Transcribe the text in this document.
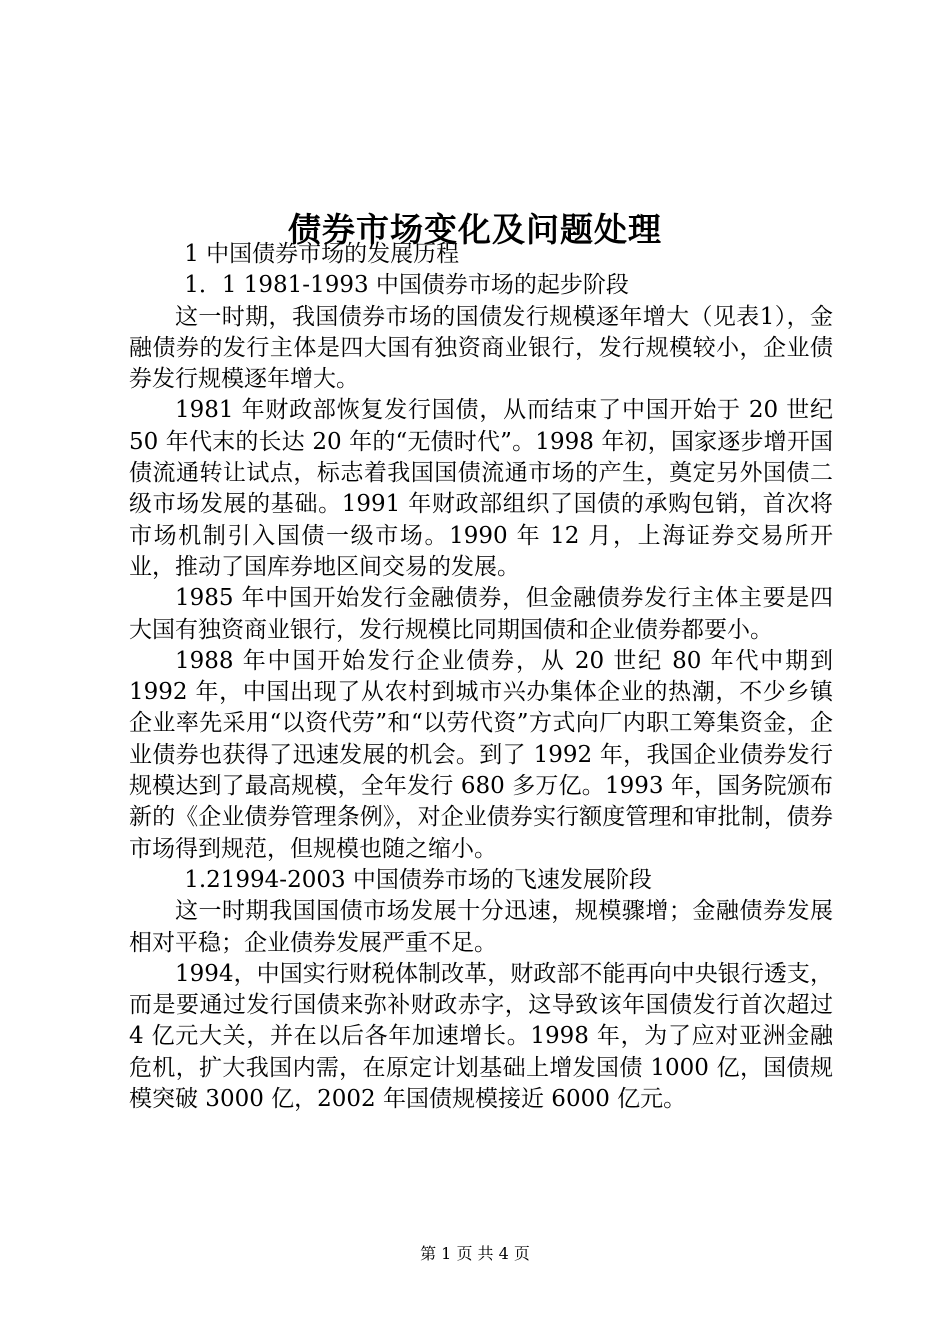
债券市场变化及问题处理

1 中国债券市场的发展历程

1．1 1981-1993 中国债券市场的起步阶段

这一时期，我国债券市场的国债发行规模逐年增大（见表1），金融债券的发行主体是四大国有独资商业银行，发行规模较小，企业债券发行规模逐年增大。

1981 年财政部恢复发行国债，从而结束了中国开始于 20 世纪 50 年代末的长达 20 年的“无债时代”。1998 年初，国家逐步增开国债流通转让试点，标志着我国国债流通市场的产生，奠定另外国债二级市场发展的基础。1991 年财政部组织了国债的承购包销，首次将市场机制引入国债一级市场。1990 年 12 月，上海证券交易所开业，推动了国库券地区间交易的发展。

1985 年中国开始发行金融债券，但金融债券发行主体主要是四大国有独资商业银行，发行规模比同期国债和企业债券都要小。

1988 年中国开始发行企业债券，从 20 世纪 80 年代中期到 1992 年，中国出现了从农村到城市兴办集体企业的热潮，不少乡镇企业率先采用“以资代劳”和“以劳代资”方式向厂内职工筹集资金，企业债券也获得了迅速发展的机会。到了 1992 年，我国企业债券发行规模达到了最高规模，全年发行 680 多万亿。1993 年，国务院颁布新的《企业债券管理条例》，对企业债券实行额度管理和审批制，债券市场得到规范，但规模也随之缩小。

1.21994-2003 中国债券市场的飞速发展阶段

这一时期我国国债市场发展十分迅速，规模骤增；金融债券发展相对平稳；企业债券发展严重不足。

1994，中国实行财税体制改革，财政部不能再向中央银行透支，而是要通过发行国债来弥补财政赤字，这导致该年国债发行首次超过 4 亿元大关，并在以后各年加速增长。1998 年，为了应对亚洲金融危机，扩大我国内需，在原定计划基础上增发国债 1000 亿，国债规模突破 3000 亿，2002 年国债规模接近 6000 亿元。

第 1 页 共 4 页
